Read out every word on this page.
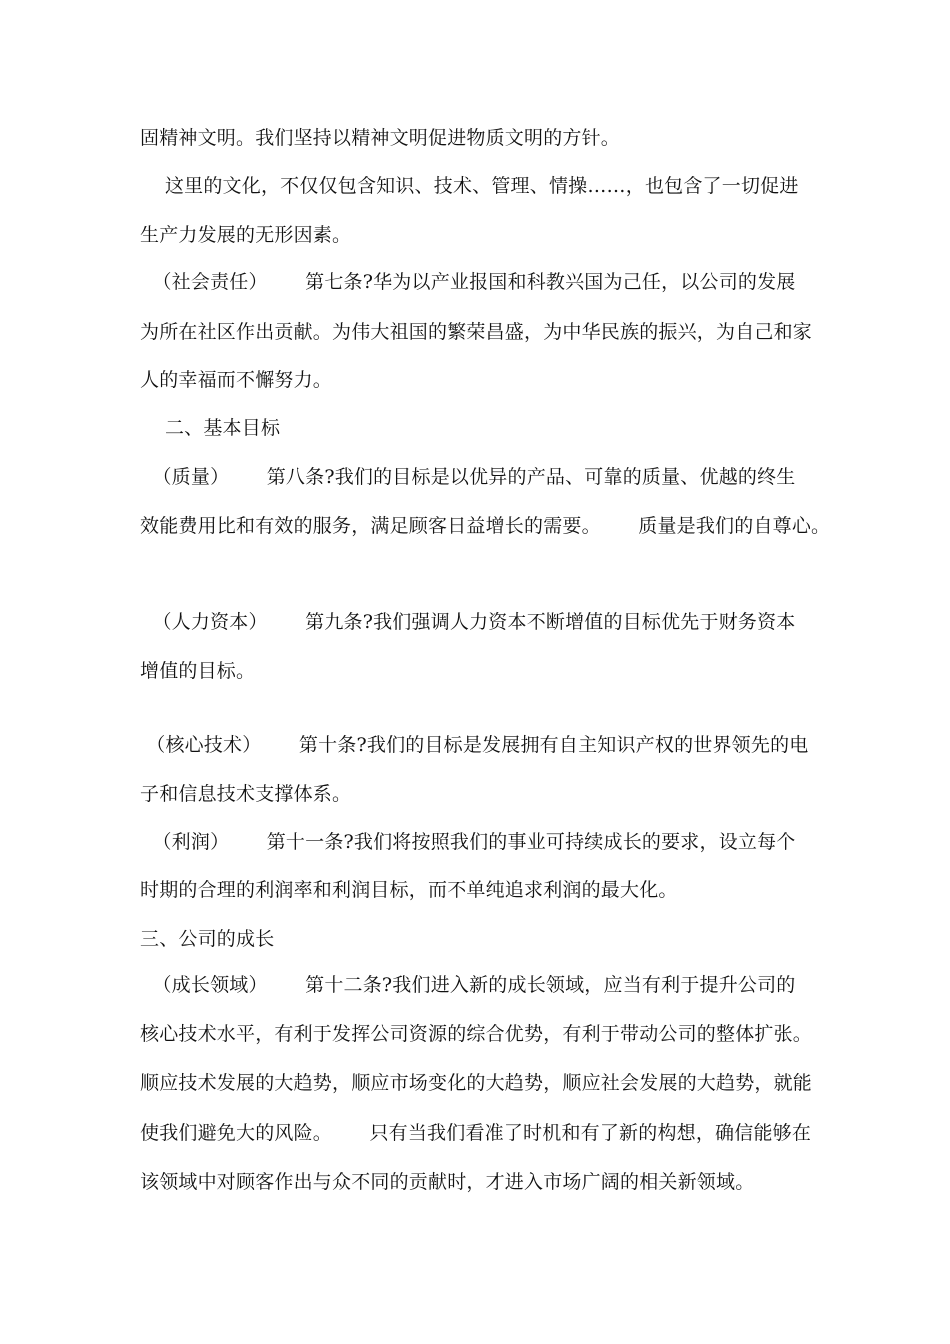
固精神文明。我们坚持以精神文明促进物质文明的方针。
这里的文化，不仅仅包含知识、技术、管理、情操……，也包含了一切促进
生产力发展的无形因素。
（社会责任）      第七条?华为以产业报国和科教兴国为己任，以公司的发展
为所在社区作出贡献。为伟大祖国的繁荣昌盛，为中华民族的振兴，为自己和家
人的幸福而不懈努力。
二、基本目标
（质量）      第八条?我们的目标是以优异的产品、可靠的质量、优越的终生
效能费用比和有效的服务，满足顾客日益增长的需要。      质量是我们的自尊心。
（人力资本）      第九条?我们强调人力资本不断增值的目标优先于财务资本
增值的目标。
（核心技术）      第十条?我们的目标是发展拥有自主知识产权的世界领先的电
子和信息技术支撑体系。
（利润）      第十一条?我们将按照我们的事业可持续成长的要求，设立每个
时期的合理的利润率和利润目标，而不单纯追求利润的最大化。
三、公司的成长
（成长领域）      第十二条?我们进入新的成长领域，应当有利于提升公司的
核心技术水平，有利于发挥公司资源的综合优势，有利于带动公司的整体扩张。
顺应技术发展的大趋势，顺应市场变化的大趋势，顺应社会发展的大趋势，就能
使我们避免大的风险。      只有当我们看准了时机和有了新的构想，确信能够在
该领域中对顾客作出与众不同的贡献时，才进入市场广阔的相关新领域。
